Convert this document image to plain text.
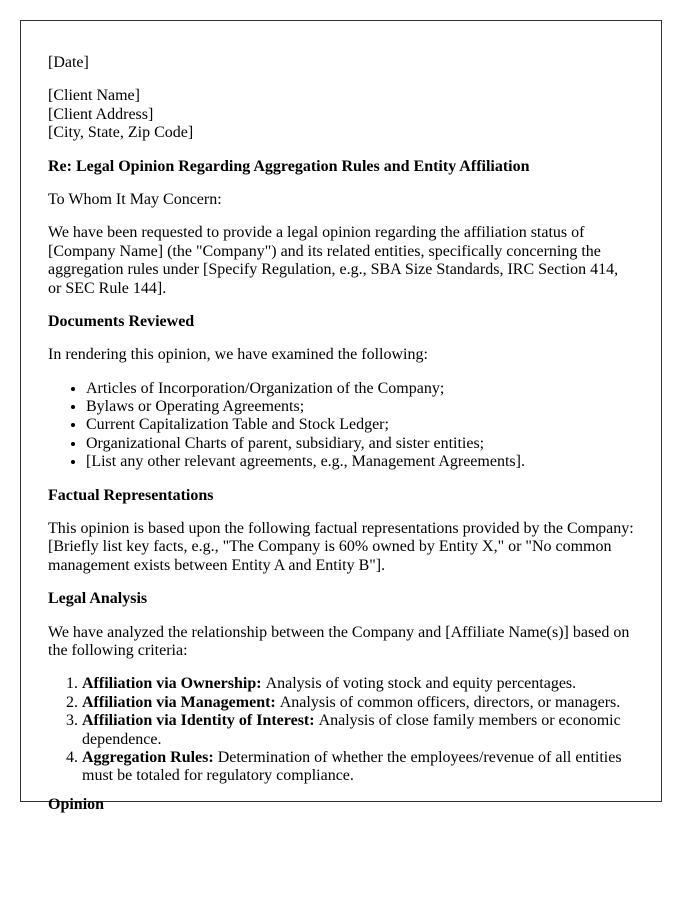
[Date]

[Client Name]
[Client Address]
[City, State, Zip Code]

Re: Legal Opinion Regarding Aggregation Rules and Entity Affiliation

To Whom It May Concern:

We have been requested to provide a legal opinion regarding the affiliation status of [Company Name] (the "Company") and its related entities, specifically concerning the aggregation rules under [Specify Regulation, e.g., SBA Size Standards, IRC Section 414, or SEC Rule 144].

Documents Reviewed

In rendering this opinion, we have examined the following:

• Articles of Incorporation/Organization of the Company;
• Bylaws or Operating Agreements;
• Current Capitalization Table and Stock Ledger;
• Organizational Charts of parent, subsidiary, and sister entities;
• [List any other relevant agreements, e.g., Management Agreements].
Factual Representations

This opinion is based upon the following factual representations provided by the Company: [Briefly list key facts, e.g., "The Company is 60% owned by Entity X," or "No common management exists between Entity A and Entity B"].

Legal Analysis

We have analyzed the relationship between the Company and [Affiliate Name(s)] based on the following criteria:

1. Affiliation via Ownership: Analysis of voting stock and equity percentages.
2. Affiliation via Management: Analysis of common officers, directors, or managers.
3. Affiliation via Identity of Interest: Analysis of close family members or economic dependence.
4. Aggregation Rules: Determination of whether the employees/revenue of all entities must be totaled for regulatory compliance.
Opinion
